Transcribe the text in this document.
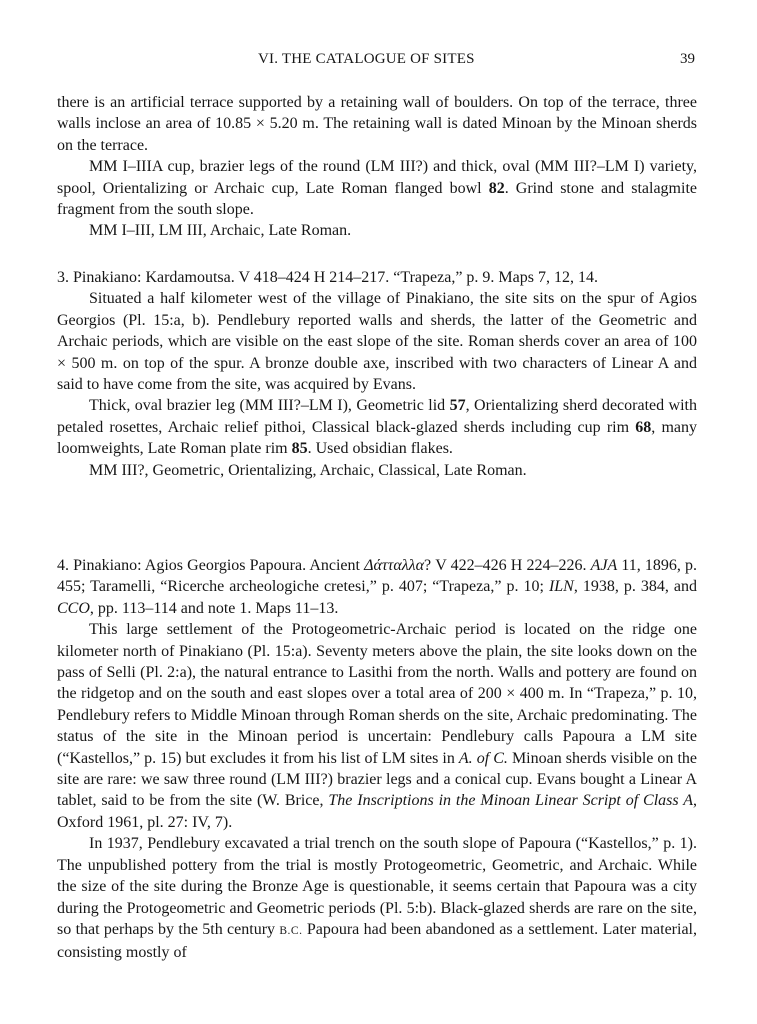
VI. THE CATALOGUE OF SITES	39

there is an artificial terrace supported by a retaining wall of boulders. On top of the terrace, three walls inclose an area of 10.85 × 5.20 m. The retaining wall is dated Minoan by the Minoan sherds on the terrace.

MM I–IIIA cup, brazier legs of the round (LM III?) and thick, oval (MM III?–LM I) variety, spool, Orientalizing or Archaic cup, Late Roman flanged bowl 82. Grind stone and stalagmite fragment from the south slope.

MM I–III, LM III, Archaic, Late Roman.

3. Pinakiano: Kardamoutsa. V 418–424 H 214–217. “Trapeza,” p. 9. Maps 7, 12, 14.

Situated a half kilometer west of the village of Pinakiano, the site sits on the spur of Agios Georgios (Pl. 15:a, b). Pendlebury reported walls and sherds, the latter of the Geometric and Archaic periods, which are visible on the east slope of the site. Roman sherds cover an area of 100 × 500 m. on top of the spur. A bronze double axe, inscribed with two characters of Linear A and said to have come from the site, was acquired by Evans.

Thick, oval brazier leg (MM III?–LM I), Geometric lid 57, Orientalizing sherd decorated with petaled rosettes, Archaic relief pithoi, Classical black-glazed sherds including cup rim 68, many loomweights, Late Roman plate rim 85. Used obsidian flakes.

MM III?, Geometric, Orientalizing, Archaic, Classical, Late Roman.

4. Pinakiano: Agios Georgios Papoura. Ancient Δάτταλλα? V 422–426 H 224–226. AJA 11, 1896, p. 455; Taramelli, “Ricerche archeologiche cretesi,” p. 407; “Trapeza,” p. 10; ILN, 1938, p. 384, and CCO, pp. 113–114 and note 1. Maps 11–13.

This large settlement of the Protogeometric-Archaic period is located on the ridge one kilometer north of Pinakiano (Pl. 15:a). Seventy meters above the plain, the site looks down on the pass of Selli (Pl. 2:a), the natural entrance to Lasithi from the north. Walls and pottery are found on the ridgetop and on the south and east slopes over a total area of 200 × 400 m. In “Trapeza,” p. 10, Pendlebury refers to Middle Minoan through Roman sherds on the site, Archaic predominating. The status of the site in the Minoan period is uncertain: Pendlebury calls Papoura a LM site (“Kastellos,” p. 15) but excludes it from his list of LM sites in A. of C. Minoan sherds visible on the site are rare: we saw three round (LM III?) brazier legs and a conical cup. Evans bought a Linear A tablet, said to be from the site (W. Brice, The Inscriptions in the Minoan Linear Script of Class A, Oxford 1961, pl. 27: IV, 7).

In 1937, Pendlebury excavated a trial trench on the south slope of Papoura (“Kastellos,” p. 1). The unpublished pottery from the trial is mostly Protogeometric, Geometric, and Archaic. While the size of the site during the Bronze Age is questionable, it seems certain that Papoura was a city during the Protogeometric and Geometric periods (Pl. 5:b). Black-glazed sherds are rare on the site, so that perhaps by the 5th century B.C. Papoura had been abandoned as a settlement. Later material, consisting mostly of
